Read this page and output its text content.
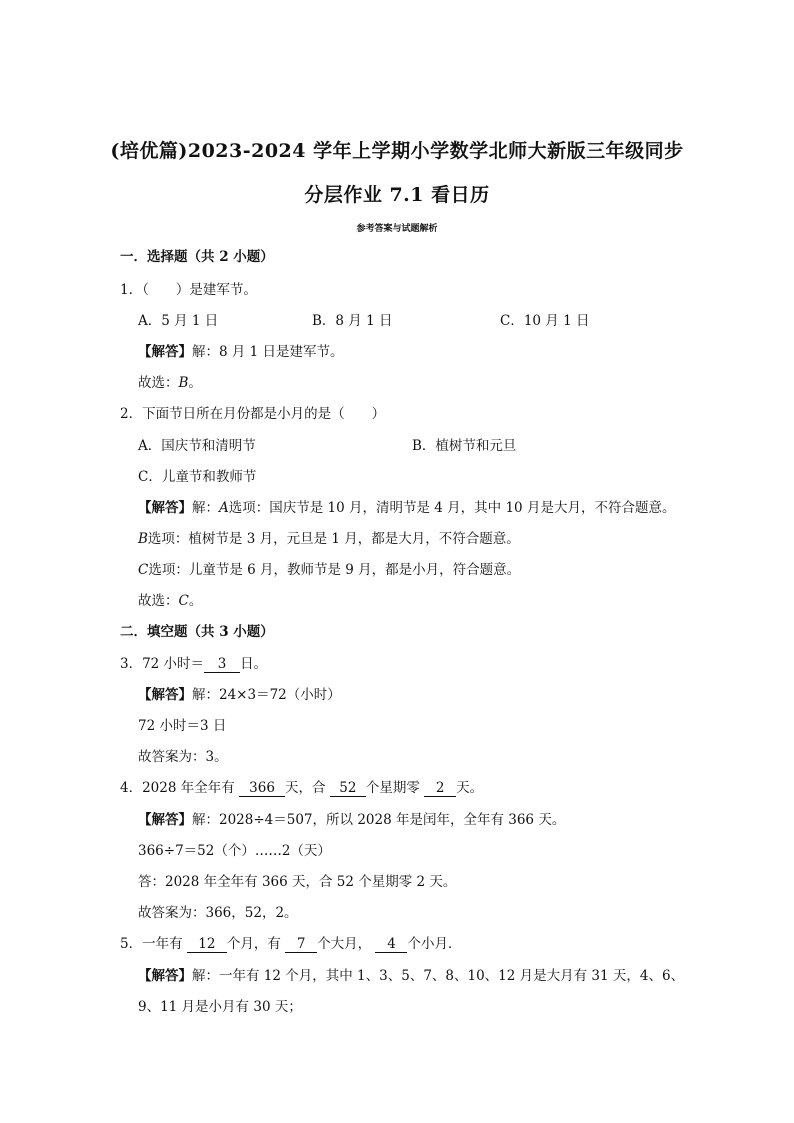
(培优篇)2023-2024 学年上学期小学数学北师大新版三年级同步
分层作业 7.1 看日历
参考答案与试题解析
一．选择题（共 2 小题）
1．（　　）是建军节。
A．5 月 1 日	B．8 月 1 日	C．10 月 1 日
【解答】解：8 月 1 日是建军节。
故选：B。
2．下面节日所在月份都是小月的是（　　）
A．国庆节和清明节	B．植树节和元旦
C．儿童节和教师节
【解答】解：A选项：国庆节是 10 月，清明节是 4 月，其中 10 月是大月，不符合题意。
B选项：植树节是 3 月，元旦是 1 月，都是大月，不符合题意。
C选项：儿童节是 6 月，教师节是 9 月，都是小月，符合题意。
故选：C。
二．填空题（共 3 小题）
3．72 小时＝ 3 日。
【解答】解：24×3＝72（小时）
72 小时＝3 日
故答案为：3。
4．2028 年全年有 366 天，合 52 个星期零 2 天。
【解答】解：2028÷4＝507，所以 2028 年是闰年，全年有 366 天。
366÷7＝52（个）……2（天）
答：2028 年全年有 366 天，合 52 个星期零 2 天。
故答案为：366，52，2。
5．一年有 12 个月，有 7 个大月， 4 个小月．
【解答】解：一年有 12 个月，其中 1、3、5、7、8、10、12 月是大月有 31 天，4、6、
9、11 月是小月有 30 天；
